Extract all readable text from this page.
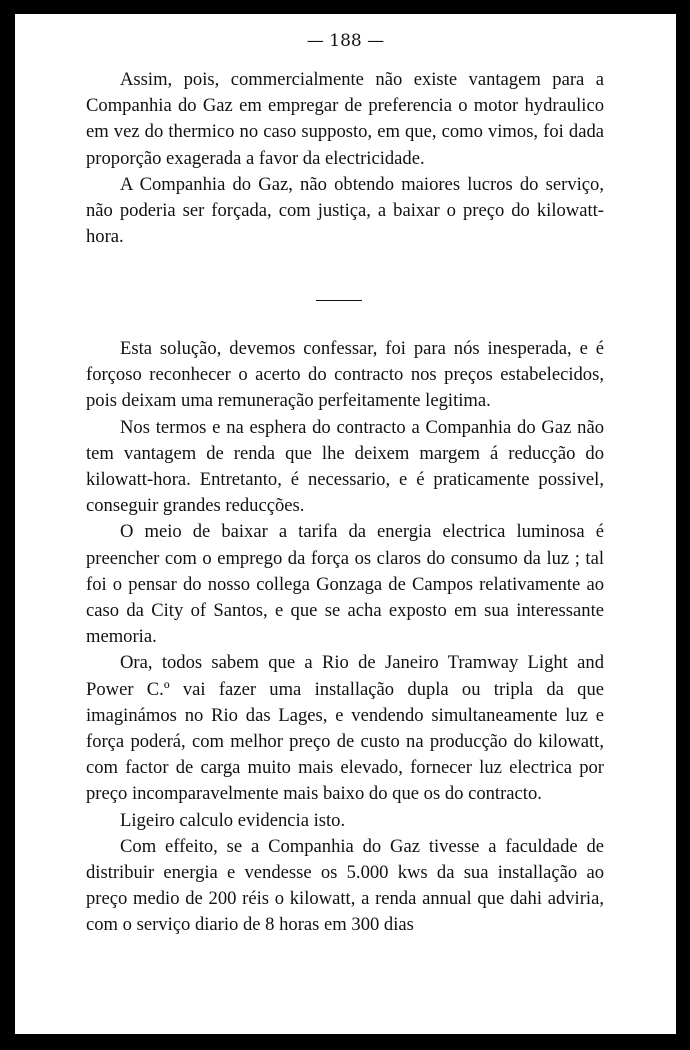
— 188 —

Assim, pois, commercialmente não existe vantagem para a Companhia do Gaz em empregar de preferencia o motor hydraulico em vez do thermico no caso supposto, em que, como vimos, foi dada proporção exagerada a favor da electricidade.

A Companhia do Gaz, não obtendo maiores lucros do serviço, não poderia ser forçada, com justiça, a baixar o preço do kilowatt-hora.

Esta solução, devemos confessar, foi para nós inesperada, e é forçoso reconhecer o acerto do contracto nos preços estabelecidos, pois deixam uma remuneração perfeitamente legitima.

Nos termos e na esphera do contracto a Companhia do Gaz não tem vantagem de renda que lhe deixem margem á reducção do kilowatt-hora. Entretanto, é necessario, e é praticamente possivel, conseguir grandes reducções.

O meio de baixar a tarifa da energia electrica luminosa é preencher com o emprego da força os claros do consumo da luz ; tal foi o pensar do nosso collega Gonzaga de Campos relativamente ao caso da City of Santos, e que se acha exposto em sua interessante memoria.

Ora, todos sabem que a Rio de Janeiro Tramway Light and Power C.º vai fazer uma installação dupla ou tripla da que imaginámos no Rio das Lages, e vendendo simultaneamente luz e força poderá, com melhor preço de custo na producção do kilowatt, com factor de carga muito mais elevado, fornecer luz electrica por preço incomparavelmente mais baixo do que os do contracto.

Ligeiro calculo evidencia isto.

Com effeito, se a Companhia do Gaz tivesse a faculdade de distribuir energia e vendesse os 5.000 kws da sua installação ao preço medio de 200 réis o kilowatt, a renda annual que dahi adviria, com o serviço diario de 8 horas em 300 dias
